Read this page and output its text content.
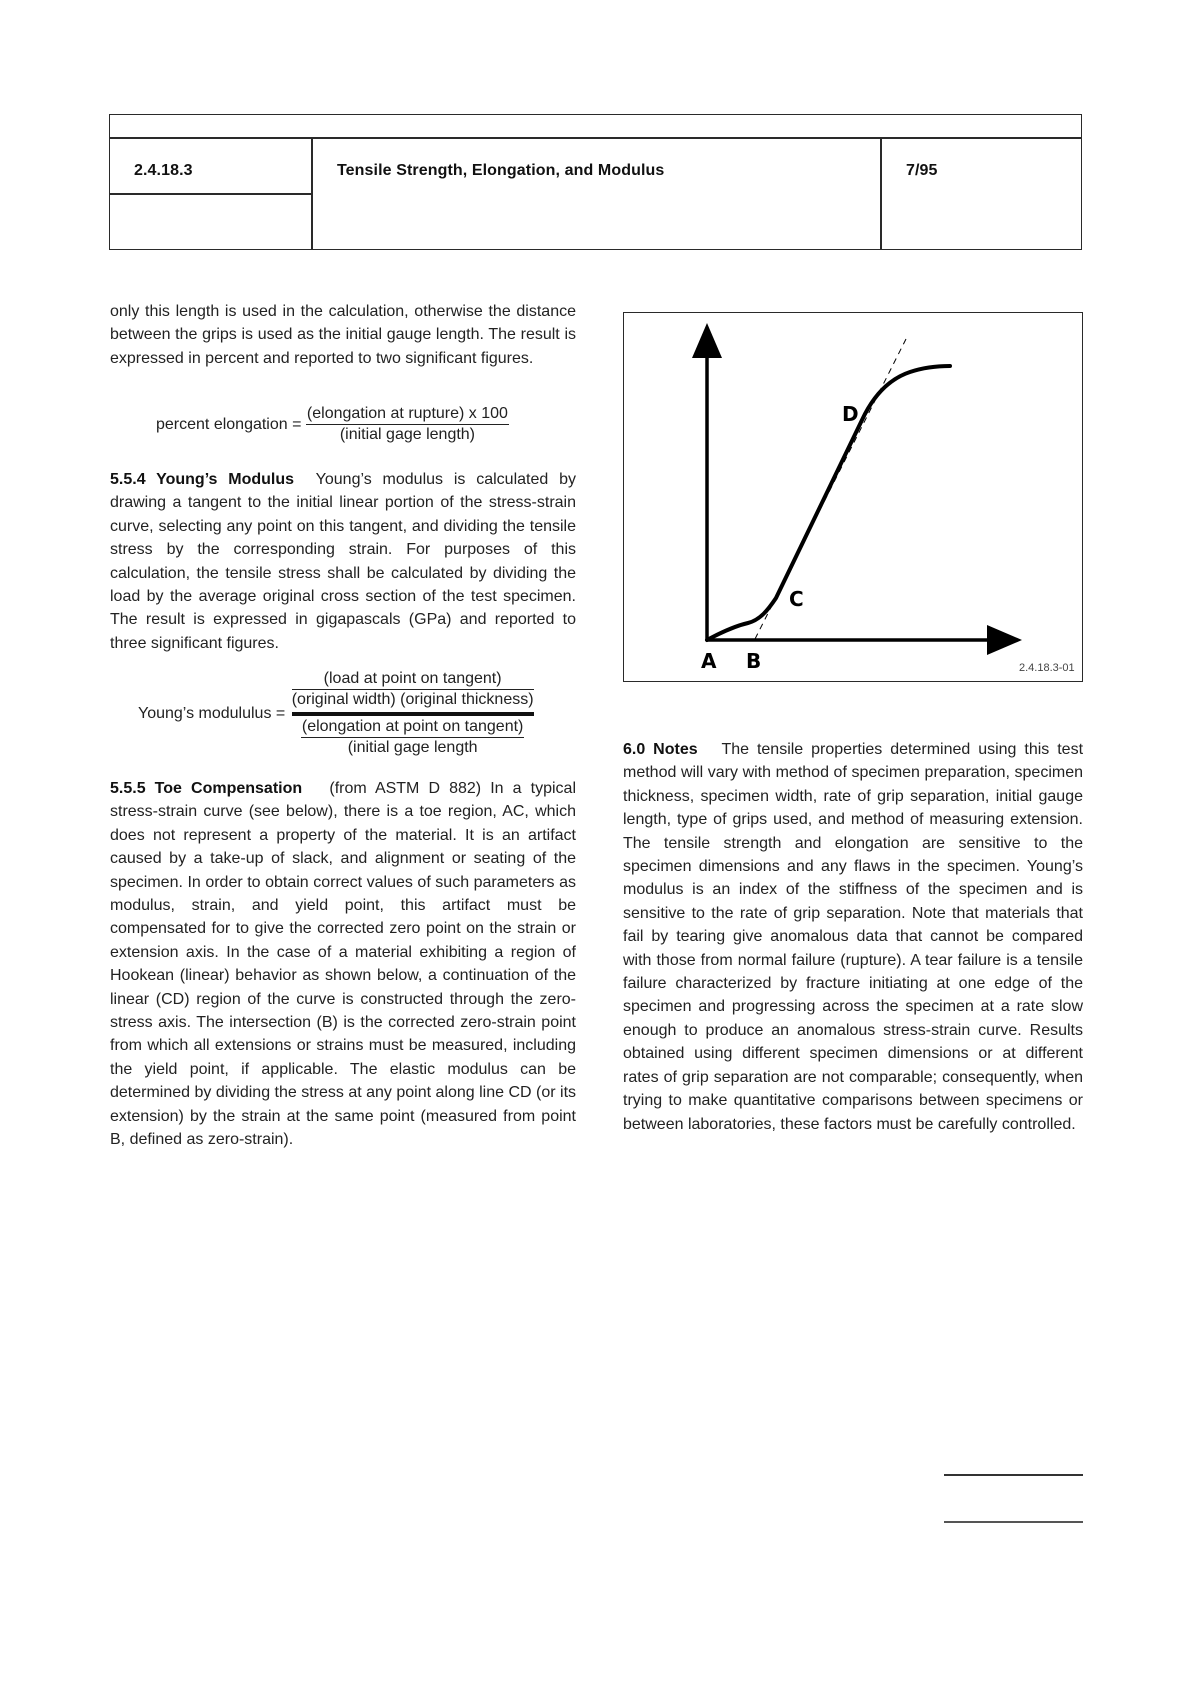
2.4.18.3	Tensile Strength, Elongation, and Modulus	7/95

only this length is used in the calculation, otherwise the distance between the grips is used as the initial gauge length. The result is expressed in percent and reported to two significant figures.

percent elongation = $\frac{\text{(elongation at rupture) x 100}}{\text{(initial gage length)}}$

5.5.4 Young’s Modulus Young’s modulus is calculated by drawing a tangent to the initial linear portion of the stress-strain curve, selecting any point on this tangent, and dividing the tensile stress by the corresponding strain. For purposes of this calculation, the tensile stress shall be calculated by dividing the load by the average original cross section of the test specimen. The result is expressed in gigapascals (GPa) and reported to three significant figures.

Young’s modululus =
$\frac{\text{(load at point on tangent)}}{\text{(original width) (original thickness)}}$
$\frac{\text{(elongation at point on tangent)}}{\text{(initial gage length}}$

5.5.5 Toe Compensation (from ASTM D 882) In a typical stress-strain curve (see below), there is a toe region, AC, which does not represent a property of the material. It is an artifact caused by a take-up of slack, and alignment or seating of the specimen. In order to obtain correct values of such parameters as modulus, strain, and yield point, this artifact must be compensated for to give the corrected zero point on the strain or extension axis. In the case of a material exhibiting a region of Hookean (linear) behavior as shown below, a continuation of the linear (CD) region of the curve is constructed through the zero-stress axis. The intersection (B) is the corrected zero-strain point from which all extensions or strains must be measured, including the yield point, if applicable. The elastic modulus can be determined by dividing the stress at any point along line CD (or its extension) by the strain at the same point (measured from point B, defined as zero-strain).

A B
C
D
2.4.18.3-01

6.0 Notes The tensile properties determined using this test method will vary with method of specimen preparation, specimen thickness, specimen width, rate of grip separation, initial gauge length, type of grips used, and method of measuring extension. The tensile strength and elongation are sensitive to the specimen dimensions and any flaws in the specimen. Young’s modulus is an index of the stiffness of the specimen and is sensitive to the rate of grip separation. Note that materials that fail by tearing give anomalous data that cannot be compared with those from normal failure (rupture). A tear failure is a tensile failure characterized by fracture initiating at one edge of the specimen and progressing across the specimen at a rate slow enough to produce an anomalous stress-strain curve. Results obtained using different specimen dimensions or at different rates of grip separation are not comparable; consequently, when trying to make quantitative comparisons between specimens or between laboratories, these factors must be carefully controlled.
